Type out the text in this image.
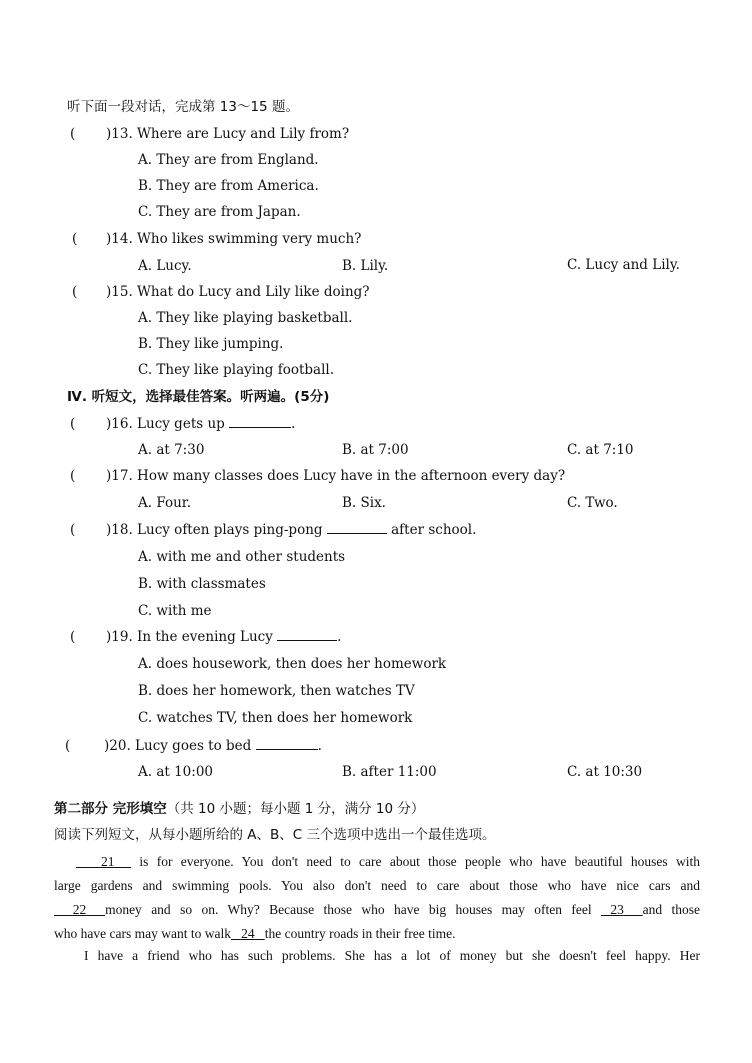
听下面一段对话，完成第 13～15 题。
( )13. Where are Lucy and Lily from?
A. They are from England.
B. They are from America.
C. They are from Japan.
( )14. Who likes swimming very much?
A. Lucy.	B. Lily.	C. Lucy and Lily.
( )15. What do Lucy and Lily like doing?
A. They like playing basketball.
B. They like jumping.
C. They like playing football.
Ⅳ. 听短文，选择最佳答案。听两遍。(5分)
( )16. Lucy gets up	.
A. at 7:30	B. at 7:00	C. at 7:10
( )17. How many classes does Lucy have in the afternoon every day?
A. Four.	B. Six.	C. Two.
( )18. Lucy often plays ping-pong	after school.
A. with me and other students
B. with classmates
C. with me
( )19. In the evening Lucy	.
A. does housework, then does her homework
B. does her homework, then watches TV
C. watches TV, then does her homework
( )20. Lucy goes to bed	.
A. at 10:00	B. after 11:00	C. at 10:30
第二部分 完形填空（共 10 小题；每小题 1 分，满分 10 分）
阅读下列短文，从每小题所给的 A、B、C 三个选项中选出一个最佳选项。
21   is for everyone. You don't need to care about those people who have beautiful houses with
large gardens and swimming pools. You also don't need to care about those who have nice cars and
22 money and so on. Why? Because those who have big houses may often feel  23 and those
who have cars may want to walk 24 the country roads in their free time.
I have a friend who has such problems. She has a lot of money but she doesn't feel happy. Her
